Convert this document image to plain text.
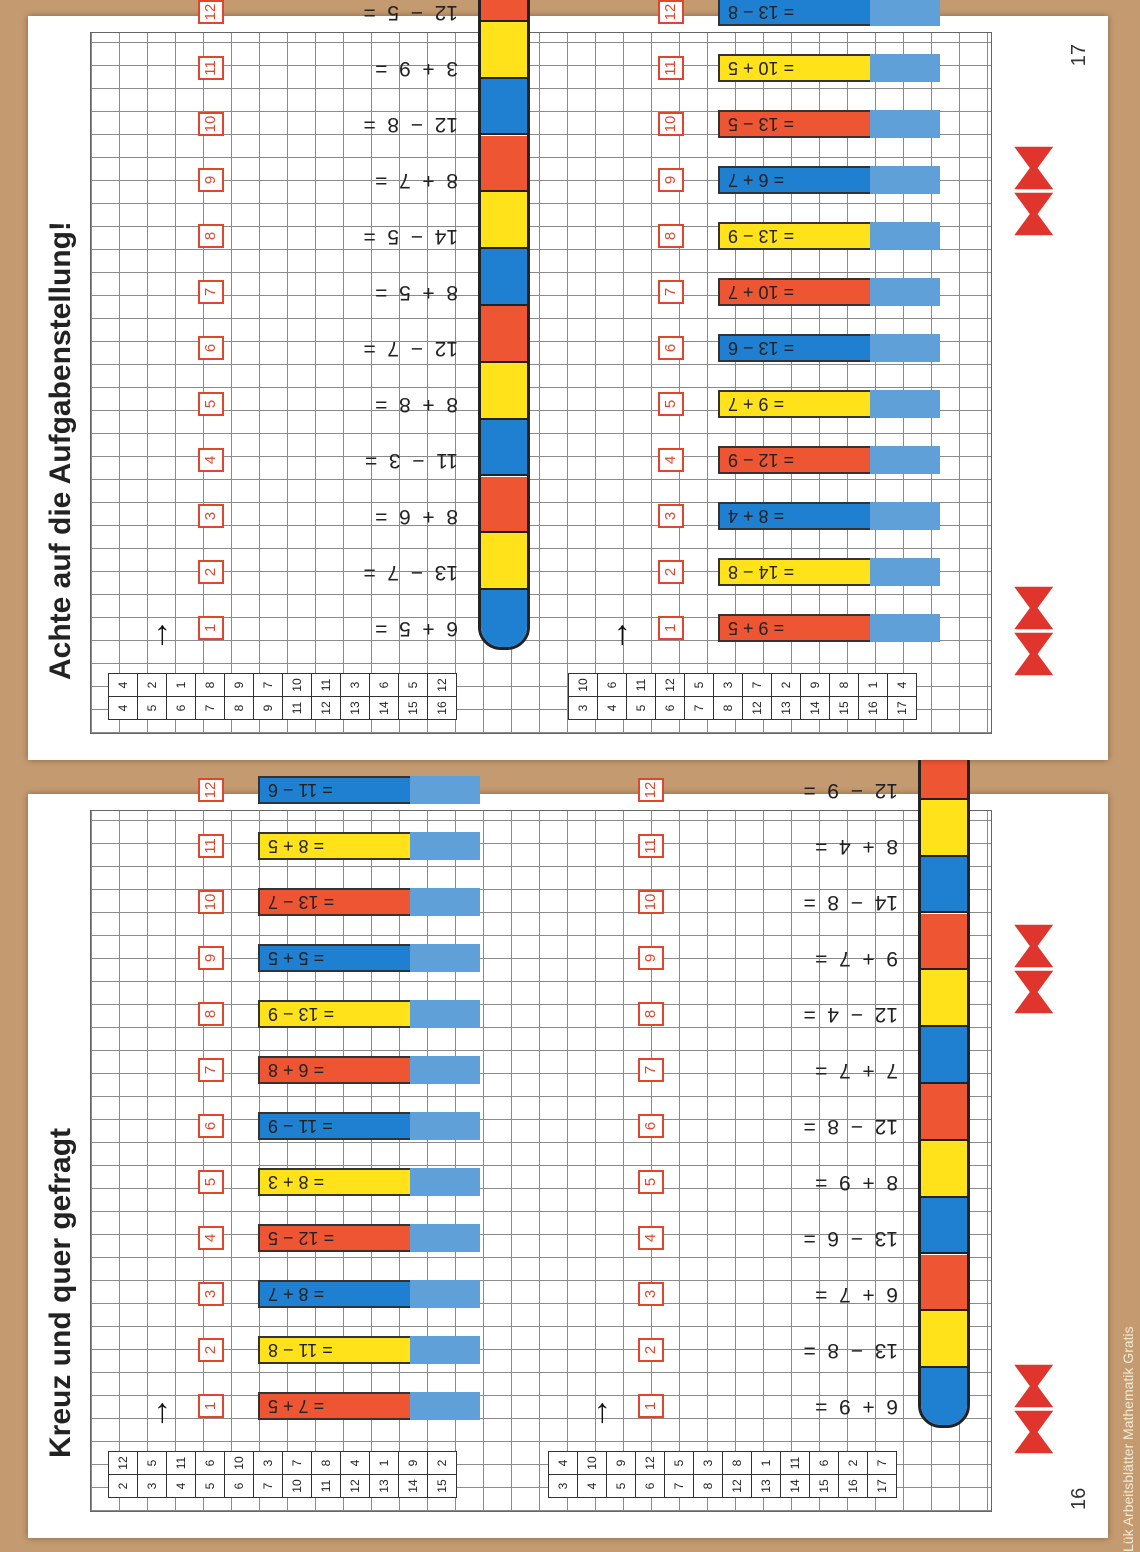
Kreuz und quer gefragt →
2	12
3	5
4	11
5	6
6	10
7	3
10	7
11	8
12	4
13	1
14	9
15	2
1	= 7 + 5
2	= 11 − 8
3	= 8 + 7
4	= 12 − 5
5	= 8 + 3
6	= 11 − 9
7	= 6 + 8
8	= 13 − 9
9	= 5 + 5
10	= 13 − 7
11	= 8 + 5
12	= 11 − 6
→
3	4
4	10
5	9
6	12
7	5
8	3
12	8
13	1
14	11
15	6
16	2
17	7
1	6  +  9  =
2	13  −  8  =
3	6  +  7  =
4	13  −  6  =
5	8  +  9  =
6	12  −  8  =
7	7  +  7  =
8	12  −  4  =
9	9  +  7  =
10	14  −  8  =
11	8  +  4  =
12	12  −  9  =
⧓⧓
⧓⧓
16
Achte auf die Aufgabenstellung! →
4	4
5	2
6	1
7	8
8	9
9	7
11	10
12	11
13	3
14	6
15	5
16	12
1	6  +  5  =
2	13  −  7  =
3	8  +  6  =
4	11  −  3  =
5	8  +  8  =
6	12  −  7  =
7	8  +  5  =
8	14  −  5  =
9	8  +  7  =
10	12  −  8  =
11	3  +  9  =
12	12  −  5  =
→
3	10
4	6
5	11
6	12
7	5
8	3
12	7
13	2
14	9
15	8
16	1
17	4
1	= 9 + 5
2	= 14 − 8
3	= 8 + 4
4	= 12 − 9
5	= 9 + 7
6	= 13 − 6
7	= 10 + 7
8	= 13 − 9
9	= 6 + 7
10	= 13 − 5
11	= 10 + 5
12	= 13 − 8
⧓⧓
⧓⧓
17
Lük Arbeitsblätter Mathematik Gratis
